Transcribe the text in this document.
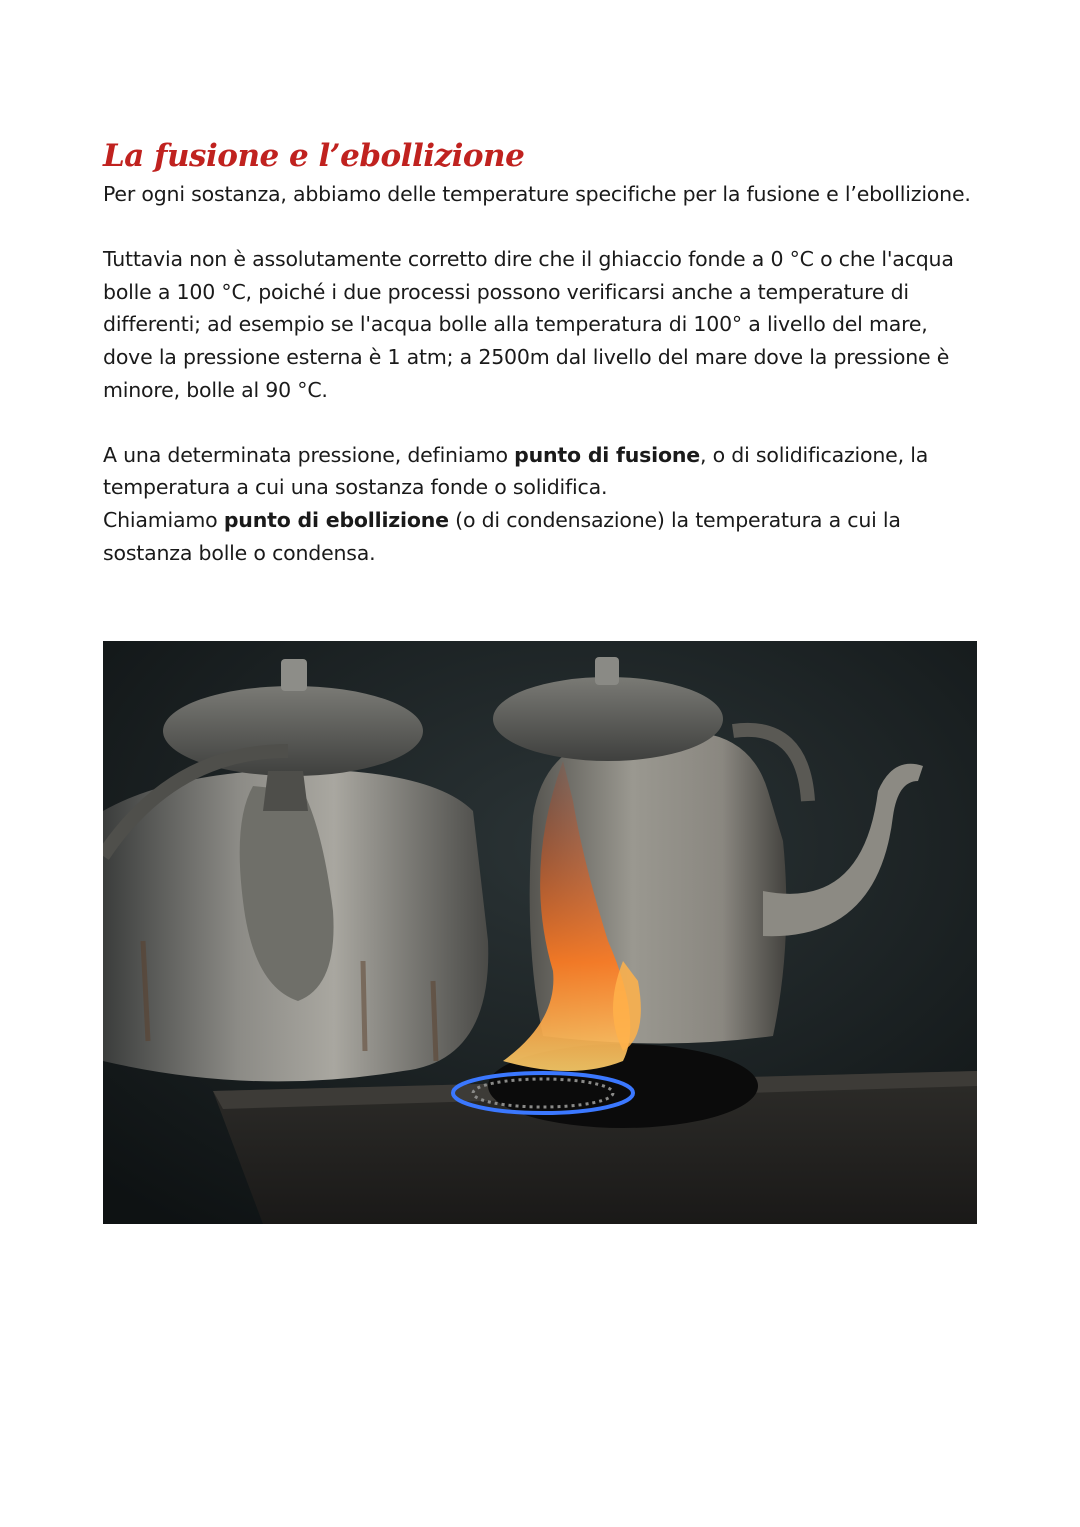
La fusione e l’ebollizione

Per ogni sostanza, abbiamo delle temperature specifiche per la fusione e l’ebollizione.

Tuttavia non è assolutamente corretto dire che il ghiaccio fonde a 0 °C o che l'acqua bolle a 100 °C, poiché i due processi possono verificarsi anche a temperature di differenti; ad esempio se l'acqua bolle alla temperatura di 100° a livello del mare, dove la pressione esterna è 1 atm; a 2500m dal livello del mare dove la pressione è minore, bolle al 90 °C.

A una determinata pressione, definiamo punto di fusione, o di solidificazione, la temperatura a cui una sostanza fonde o solidifica.
Chiamiamo punto di ebollizione (o di condensazione) la temperatura a cui la sostanza bolle o condensa.
